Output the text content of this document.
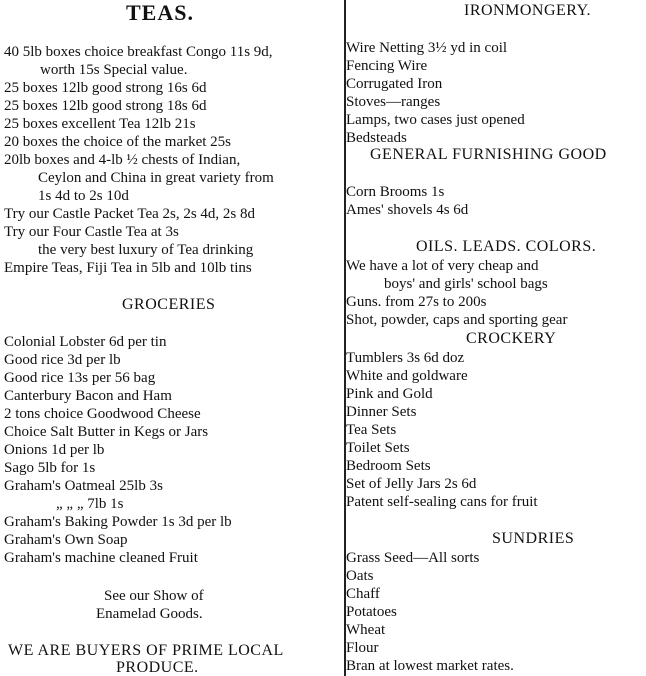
TEAS.
40 5lb boxes choice breakfast Congo 11s 9d,
worth 15s Special value.
25 boxes 12lb good strong 16s 6d
25 boxes 12lb good strong 18s 6d
25 boxes excellent Tea 12lb 21s
20 boxes the choice of the market 25s
20lb boxes and 4-lb ½ chests of Indian,
Ceylon and China in great variety from
1s 4d to 2s 10d
Try our Castle Packet Tea 2s, 2s 4d, 2s 8d
Try our Four Castle Tea at 3s
the very best luxury of Tea drinking
Empire Teas, Fiji Tea in 5lb and 10lb tins
GROCERIES
Colonial Lobster 6d per tin
Good rice 3d per lb
Good rice 13s per 56 bag
Canterbury Bacon and Ham
2 tons choice Goodwood Cheese
Choice Salt Butter in Kegs or Jars
Onions 1d per lb
Sago 5lb for 1s
Graham's Oatmeal 25lb 3s
„ „ „ 7lb 1s
Graham's Baking Powder 1s 3d per lb
Graham's Own Soap
Graham's machine cleaned Fruit
See our Show of
Enamelad Goods.
WE ARE BUYERS OF PRIME LOCAL
PRODUCE.
IRONMONGERY.
Wire Netting 3½ yd in coil
Fencing Wire
Corrugated Iron
Stoves—ranges
Lamps, two cases just opened
Bedsteads
GENERAL FURNISHING GOOD
Corn Brooms 1s
Ames' shovels 4s 6d
OILS. LEADS. COLORS.
We have a lot of very cheap and
boys' and girls' school bags
Guns. from 27s to 200s
Shot, powder, caps and sporting gear
CROCKERY
Tumblers 3s 6d doz
White and goldware
Pink and Gold
Dinner Sets
Tea Sets
Toilet Sets
Bedroom Sets
Set of Jelly Jars 2s 6d
Patent self-sealing cans for fruit
SUNDRIES
Grass Seed—All sorts
Oats
Chaff
Potatoes
Wheat
Flour
Bran at lowest market rates.
